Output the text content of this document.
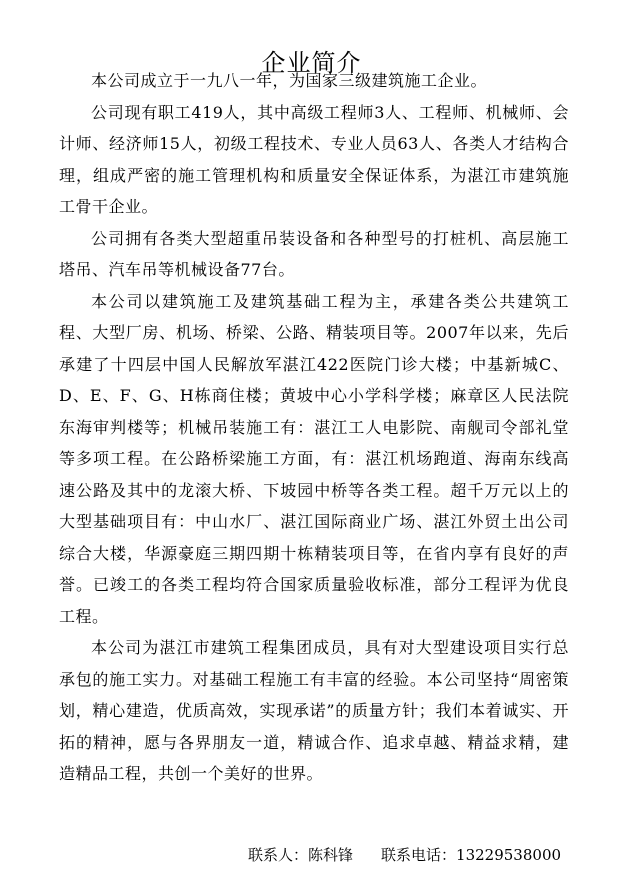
企业简介

本公司成立于一九八一年，为国家三级建筑施工企业。

公司现有职工419人，其中高级工程师3人、工程师、机械师、会计师、经济师15人，初级工程技术、专业人员63人、各类人才结构合理，组成严密的施工管理机构和质量安全保证体系，为湛江市建筑施工骨干企业。

公司拥有各类大型超重吊装设备和各种型号的打桩机、高层施工塔吊、汽车吊等机械设备77台。

本公司以建筑施工及建筑基础工程为主，承建各类公共建筑工程、大型厂房、机场、桥梁、公路、精装项目等。2007年以来，先后承建了十四层中国人民解放军湛江422医院门诊大楼；中基新城C、D、E、F、G、H栋商住楼；黄坡中心小学科学楼；麻章区人民法院东海审判楼等；机械吊装施工有：湛江工人电影院、南舰司令部礼堂等多项工程。在公路桥梁施工方面，有：湛江机场跑道、海南东线高速公路及其中的龙滚大桥、下坡园中桥等各类工程。超千万元以上的大型基础项目有：中山水厂、湛江国际商业广场、湛江外贸土出公司综合大楼，华源豪庭三期四期十栋精装项目等，在省内享有良好的声誉。已竣工的各类工程均符合国家质量验收标准，部分工程评为优良工程。

本公司为湛江市建筑工程集团成员，具有对大型建设项目实行总承包的施工实力。对基础工程施工有丰富的经验。本公司坚持“周密策划，精心建造，优质高效，实现承诺”的质量方针；我们本着诚实、开拓的精神，愿与各界朋友一道，精诚合作、追求卓越、精益求精，建造精品工程，共创一个美好的世界。

联系人：陈科锋 联系电话：13229538000
